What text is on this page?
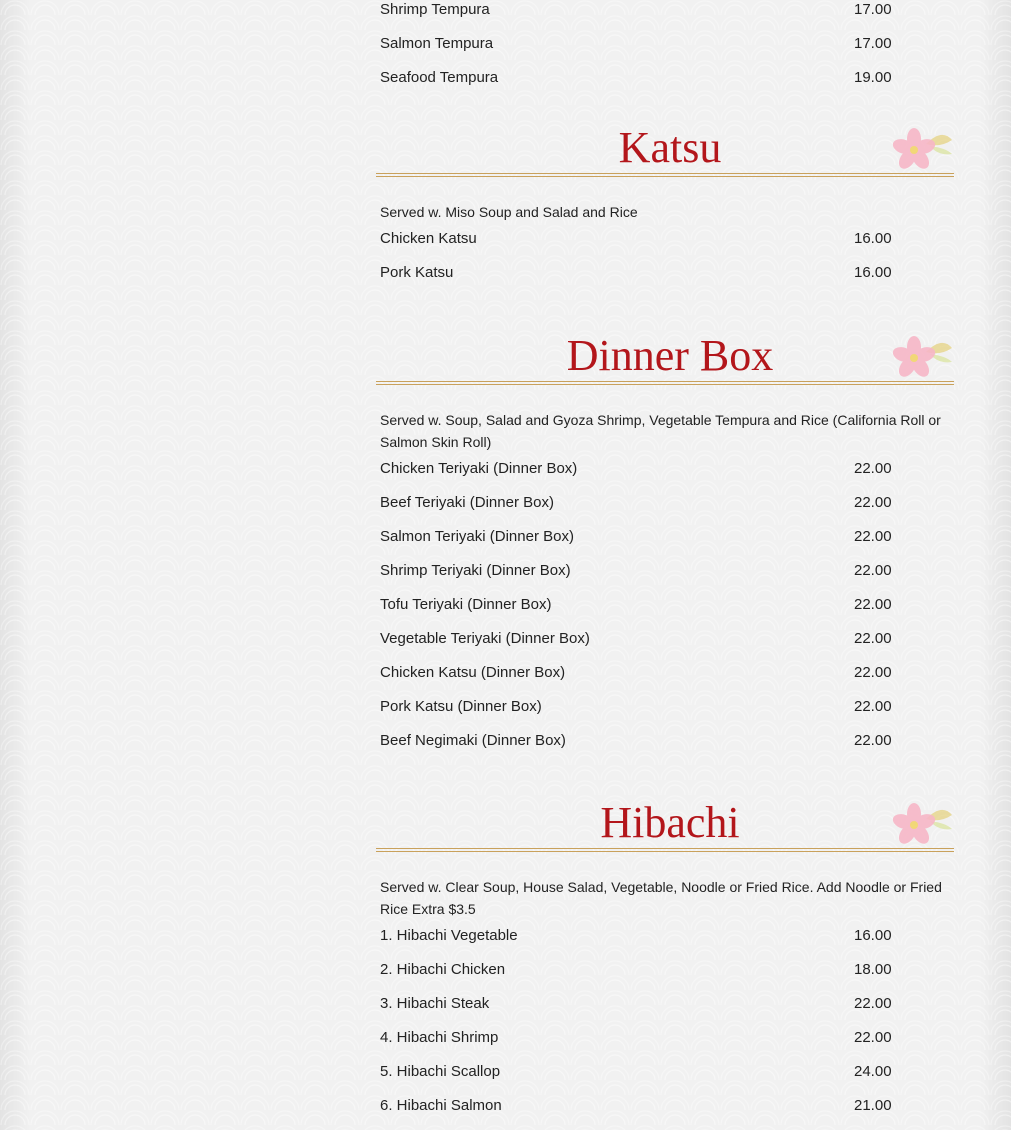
Shrimp Tempura	17.00
Salmon Tempura	17.00
Seafood Tempura	19.00
Katsu
Served w. Miso Soup and Salad and Rice
Chicken Katsu	16.00
Pork Katsu	16.00
Dinner Box
Served w. Soup, Salad and Gyoza Shrimp, Vegetable Tempura and Rice (California Roll or Salmon Skin Roll)
Chicken Teriyaki (Dinner Box)	22.00
Beef Teriyaki (Dinner Box)	22.00
Salmon Teriyaki (Dinner Box)	22.00
Shrimp Teriyaki (Dinner Box)	22.00
Tofu Teriyaki (Dinner Box)	22.00
Vegetable Teriyaki (Dinner Box)	22.00
Chicken Katsu (Dinner Box)	22.00
Pork Katsu (Dinner Box)	22.00
Beef Negimaki (Dinner Box)	22.00
Hibachi
Served w. Clear Soup, House Salad, Vegetable, Noodle or Fried Rice. Add Noodle or Fried Rice Extra $3.5
1. Hibachi Vegetable	16.00
2. Hibachi Chicken	18.00
3. Hibachi Steak	22.00
4. Hibachi Shrimp	22.00
5. Hibachi Scallop	24.00
6. Hibachi Salmon	21.00
